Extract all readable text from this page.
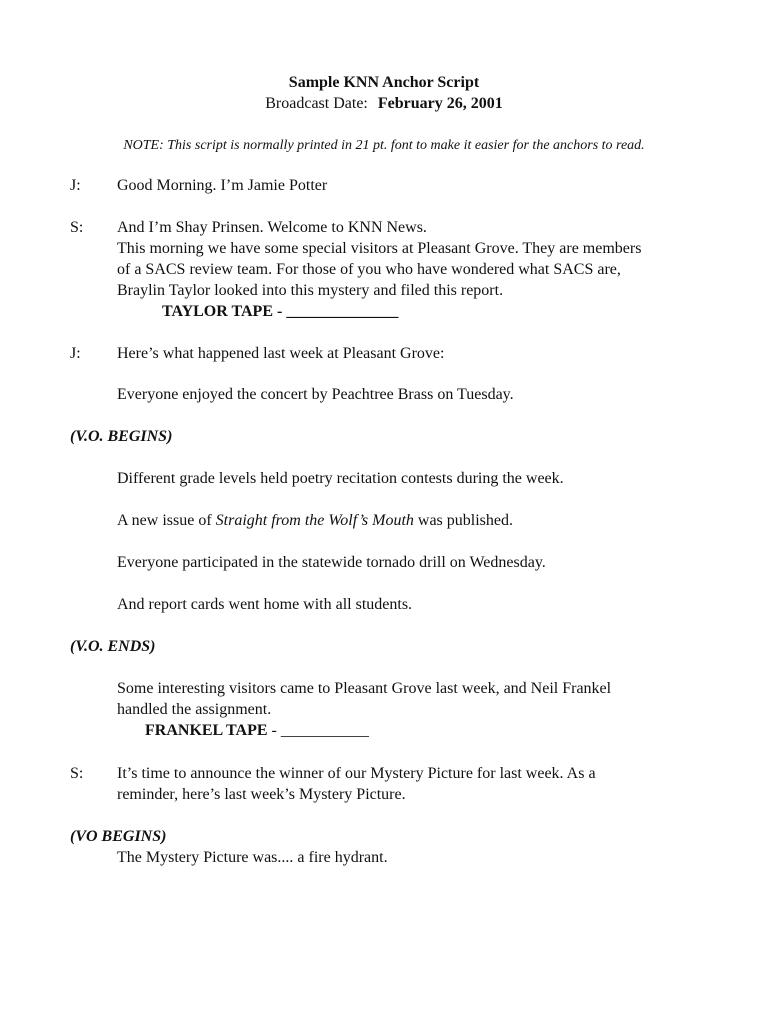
Sample KNN Anchor Script
Broadcast Date: February 26, 2001
NOTE: This script is normally printed in 21 pt. font to make it easier for the anchors to read.
J: Good Morning. I’m Jamie Potter
S: And I’m Shay Prinsen. Welcome to KNN News.
This morning we have some special visitors at Pleasant Grove. They are members
of a SACS review team. For those of you who have wondered what SACS are,
Braylin Taylor looked into this mystery and filed this report.
TAYLOR TAPE - ______________
J: Here’s what happened last week at Pleasant Grove:
Everyone enjoyed the concert by Peachtree Brass on Tuesday.
(V.O. BEGINS)
Different grade levels held poetry recitation contests during the week.
A new issue of Straight from the Wolf’s Mouth was published.
Everyone participated in the statewide tornado drill on Wednesday.
And report cards went home with all students.
(V.O. ENDS)
Some interesting visitors came to Pleasant Grove last week, and Neil Frankel
handled the assignment.
FRANKEL TAPE - ___________
S: It’s time to announce the winner of our Mystery Picture for last week. As a
reminder, here’s last week’s Mystery Picture.
(VO BEGINS)
The Mystery Picture was.... a fire hydrant.
